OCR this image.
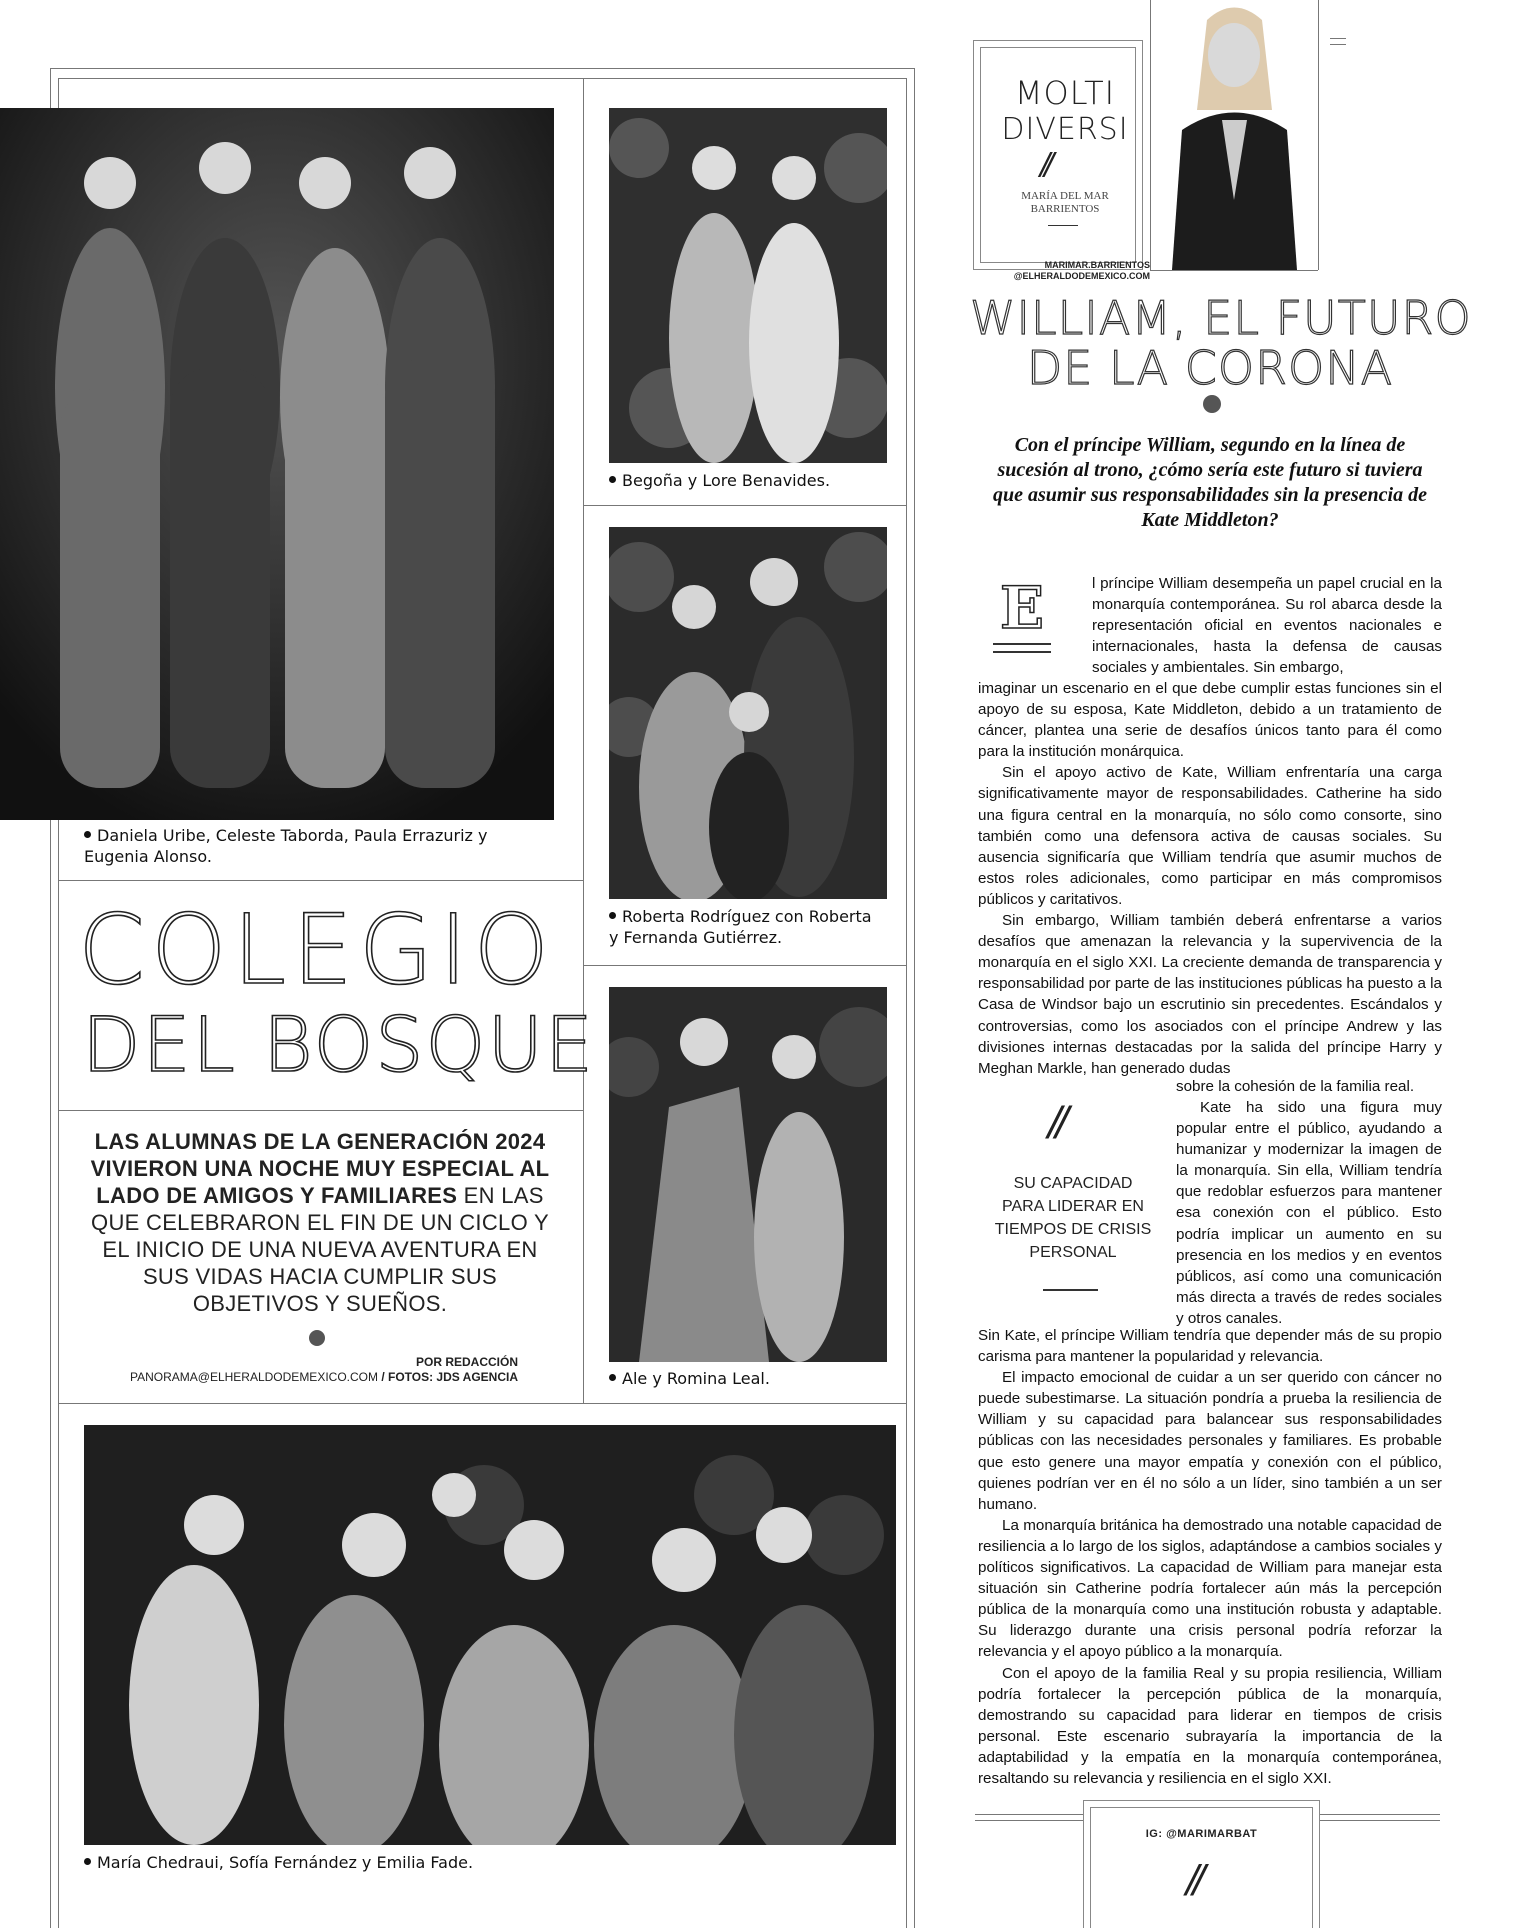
Daniela Uribe, Celeste Taborda, Paula Errazuriz y
Eugenia Alonso.
Begoña y Lore Benavides.
Roberta Rodríguez con Roberta
y Fernanda Gutiérrez.
Ale y Romina Leal.
COLEGIO
DEL BOSQUE
LAS ALUMNAS DE LA GENERACIÓN 2024 VIVIERON UNA NOCHE MUY ESPECIAL AL LADO DE AMIGOS Y FAMILIARES EN LAS QUE CELEBRARON EL FIN DE UN CICLO Y EL INICIO DE UNA NUEVA AVENTURA EN SUS VIDAS HACIA CUMPLIR SUS OBJETIVOS Y SUEÑOS.
POR REDACCIÓN
PANORAMA@ELHERALDODEMEXICO.COM / FOTOS: JDS AGENCIA
María Chedraui, Sofía Fernández y Emilia Fade.
MOLTI
DIVERSI
//
MARÍA DEL MAR
BARRIENTOS
MARIMAR.BARRIENTOS
@ELHERALDODEMEXICO.COM
WILLIAM, EL FUTURO
DE LA CORONA
Con el príncipe William, segundo en la línea de sucesión al trono, ¿cómo sería este futuro si tuviera que asumir sus responsabilidades sin la presencia de Kate Middleton?
E	l príncipe William desempeña un papel crucial en la monarquía contemporánea. Su rol abarca desde la representación oficial en eventos nacionales e internacionales, hasta la defensa de causas sociales y ambientales. Sin embargo,

imaginar un escenario en el que debe cumplir estas funciones sin el apoyo de su esposa, Kate Middleton, debido a un tratamiento de cáncer, plantea una serie de desafíos únicos tanto para él como para la institución monárquica.

Sin el apoyo activo de Kate, William enfrentaría una carga significativamente mayor de responsabilidades. Catherine ha sido una figura central en la monarquía, no sólo como consorte, sino también como una defensora activa de causas sociales. Su ausencia significaría que William tendría que asumir muchos de estos roles adicionales, como participar en más compromisos públicos y caritativos.

Sin embargo, William también deberá enfrentarse a varios desafíos que amenazan la relevancia y la supervivencia de la monarquía en el siglo XXI. La creciente demanda de transparencia y responsabilidad por parte de las instituciones públicas ha puesto a la Casa de Windsor bajo un escrutinio sin precedentes. Escándalos y controversias, como los asociados con el príncipe Andrew y las divisiones internas destacadas por la salida del príncipe Harry y Meghan Markle, han generado dudas

sobre la cohesión de la familia real.

//
SU CAPACIDAD PARA LIDERAR EN TIEMPOS DE CRISIS PERSONAL

Kate ha sido una figura muy popular entre el público, ayudando a humanizar y modernizar la imagen de la monarquía. Sin ella, William tendría que redoblar esfuerzos para mantener esa conexión con el público. Esto podría implicar un aumento en su presencia en los medios y en eventos públicos, así como una comunicación más directa a través de redes sociales y otros canales.

Sin Kate, el príncipe William tendría que depender más de su propio carisma para mantener la popularidad y relevancia.

El impacto emocional de cuidar a un ser querido con cáncer no puede subestimarse. La situación pondría a prueba la resiliencia de William y su capacidad para balancear sus responsabilidades públicas con las necesidades personales y familiares. Es probable que esto genere una mayor empatía y conexión con el público, quienes podrían ver en él no sólo a un líder, sino también a un ser humano.

La monarquía británica ha demostrado una notable capacidad de resiliencia a lo largo de los siglos, adaptándose a cambios sociales y políticos significativos. La capacidad de William para manejar esta situación sin Catherine podría fortalecer aún más la percepción pública de la monarquía como una institución robusta y adaptable. Su liderazgo durante una crisis personal podría reforzar la relevancia y el apoyo público a la monarquía.

Con el apoyo de la familia Real y su propia resiliencia, William podría fortalecer la percepción pública de la monarquía, demostrando su capacidad para liderar en tiempos de crisis personal. Este escenario subrayaría la importancia de la adaptabilidad y la empatía en la monarquía contemporánea, resaltando su relevancia y resiliencia en el siglo XXI.

IG: @MARIMARBAT
//
